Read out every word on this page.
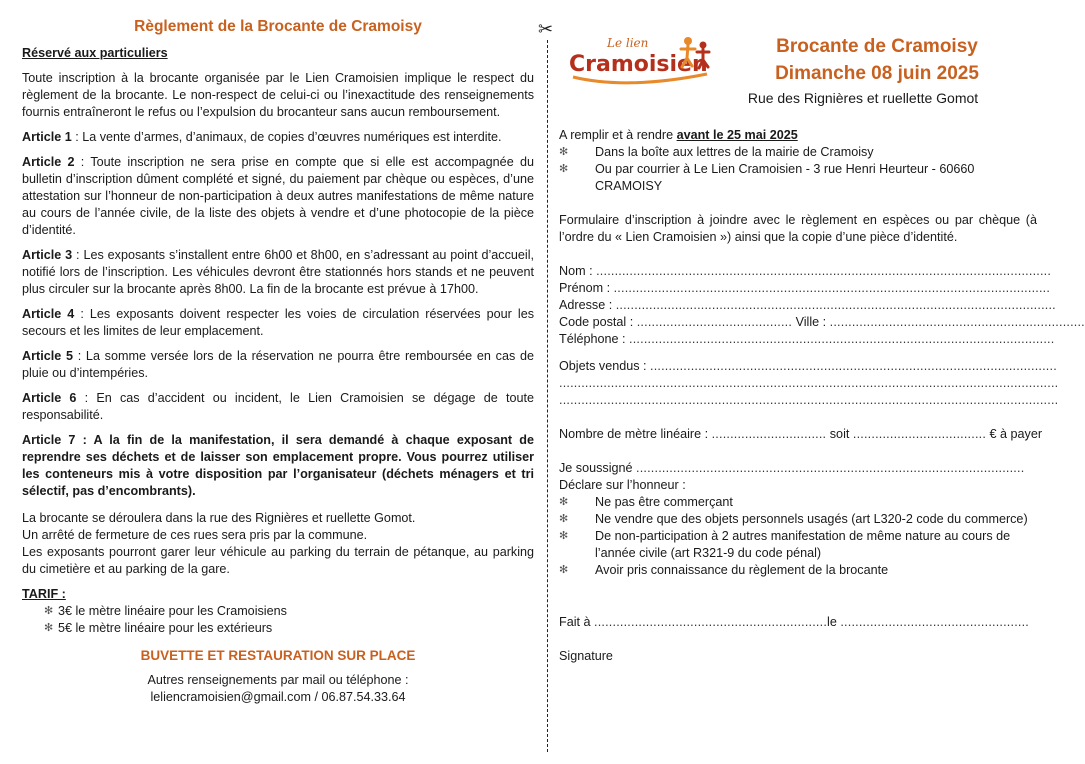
Règlement de la Brocante de Cramoisy
Réservé aux particuliers

Toute inscription à la brocante organisée par le Lien Cramoisien implique le respect du règlement de la brocante. Le non-respect de celui-ci ou l’inexactitude des renseignements fournis entraîneront le refus ou l’expulsion du brocanteur sans aucun remboursement.

Article 1 : La vente d’armes, d’animaux, de copies d’œuvres numériques est interdite.

Article 2 : Toute inscription ne sera prise en compte que si elle est accompagnée du bulletin d’inscription dûment complété et signé, du paiement par chèque ou espèces, d’une attestation sur l’honneur de non-participation à deux autres manifestations de même nature au cours de l’année civile, de la liste des objets à vendre et d’une photocopie de la pièce d’identité.

Article 3 : Les exposants s’installent entre 6h00 et 8h00, en s’adressant au point d’accueil, notifié lors de l’inscription. Les véhicules devront être stationnés hors stands et ne peuvent plus circuler sur la brocante après 8h00. La fin de la brocante est prévue à 17h00.

Article 4 : Les exposants doivent respecter les voies de circulation réservées pour les secours et les limites de leur emplacement.

Article 5 : La somme versée lors de la réservation ne pourra être remboursée en cas de pluie ou d’intempéries.

Article 6 : En cas d’accident ou incident, le Lien Cramoisien se dégage de toute responsabilité.

Article 7 : A la fin de la manifestation, il sera demandé à chaque exposant de reprendre ses déchets et de laisser son emplacement propre. Vous pourrez utiliser les conteneurs mis à votre disposition par l’organisateur (déchets ménagers et tri sélectif, pas d’encombrants).

La brocante se déroulera dans la rue des Rignières et ruellette Gomot.
Un arrêté de fermeture de ces rues sera pris par la commune.
Les exposants pourront garer leur véhicule au parking du terrain de pétanque, au parking du cimetière et au parking de la gare.
TARIF :
✻ 3€ le mètre linéaire pour les Cramoisiens
✻ 5€ le mètre linéaire pour les extérieurs
BUVETTE ET RESTAURATION SUR PLACE
Autres renseignements par mail ou téléphone :
leliencramoisien@gmail.com / 06.87.54.33.64
✂
Le lien
Cramoisien
Brocante de Cramoisy
Dimanche 08 juin 2025
Rue des Rignières et ruellette Gomot
A remplir et à rendre avant le 25 mai 2025
✻ Dans la boîte aux lettres de la mairie de Cramoisy
✻ Ou par courrier à Le Lien Cramoisien - 3 rue Henri Heurteur - 60660 CRAMOISY
Formulaire d’inscription à joindre avec le règlement en espèces ou par chèque (à l’ordre du « Lien Cramoisien ») ainsi que la copie d’une pièce d’identité.
Nom : ...........................................................................................................................
Prénom : ......................................................................................................................
Adresse : .......................................................................................................................
Code postal : .......................................... Ville : .....................................................................
Téléphone : ...................................................................................................................
Objets vendus : ..............................................................................................................
.......................................................................................................................................
.......................................................................................................................................
Nombre de mètre linéaire : ............................... soit .................................... € à payer
Je soussigné .........................................................................................................
Déclare sur l’honneur :
✻ Ne pas être commerçant
✻ Ne vendre que des objets personnels usagés (art L320-2 code du commerce)
✻ De non-participation à 2 autres manifestation de même nature au cours de l’année civile (art R321-9 du code pénal)
✻ Avoir pris connaissance du règlement de la brocante
Fait à ...............................................................le ...................................................
Signature
